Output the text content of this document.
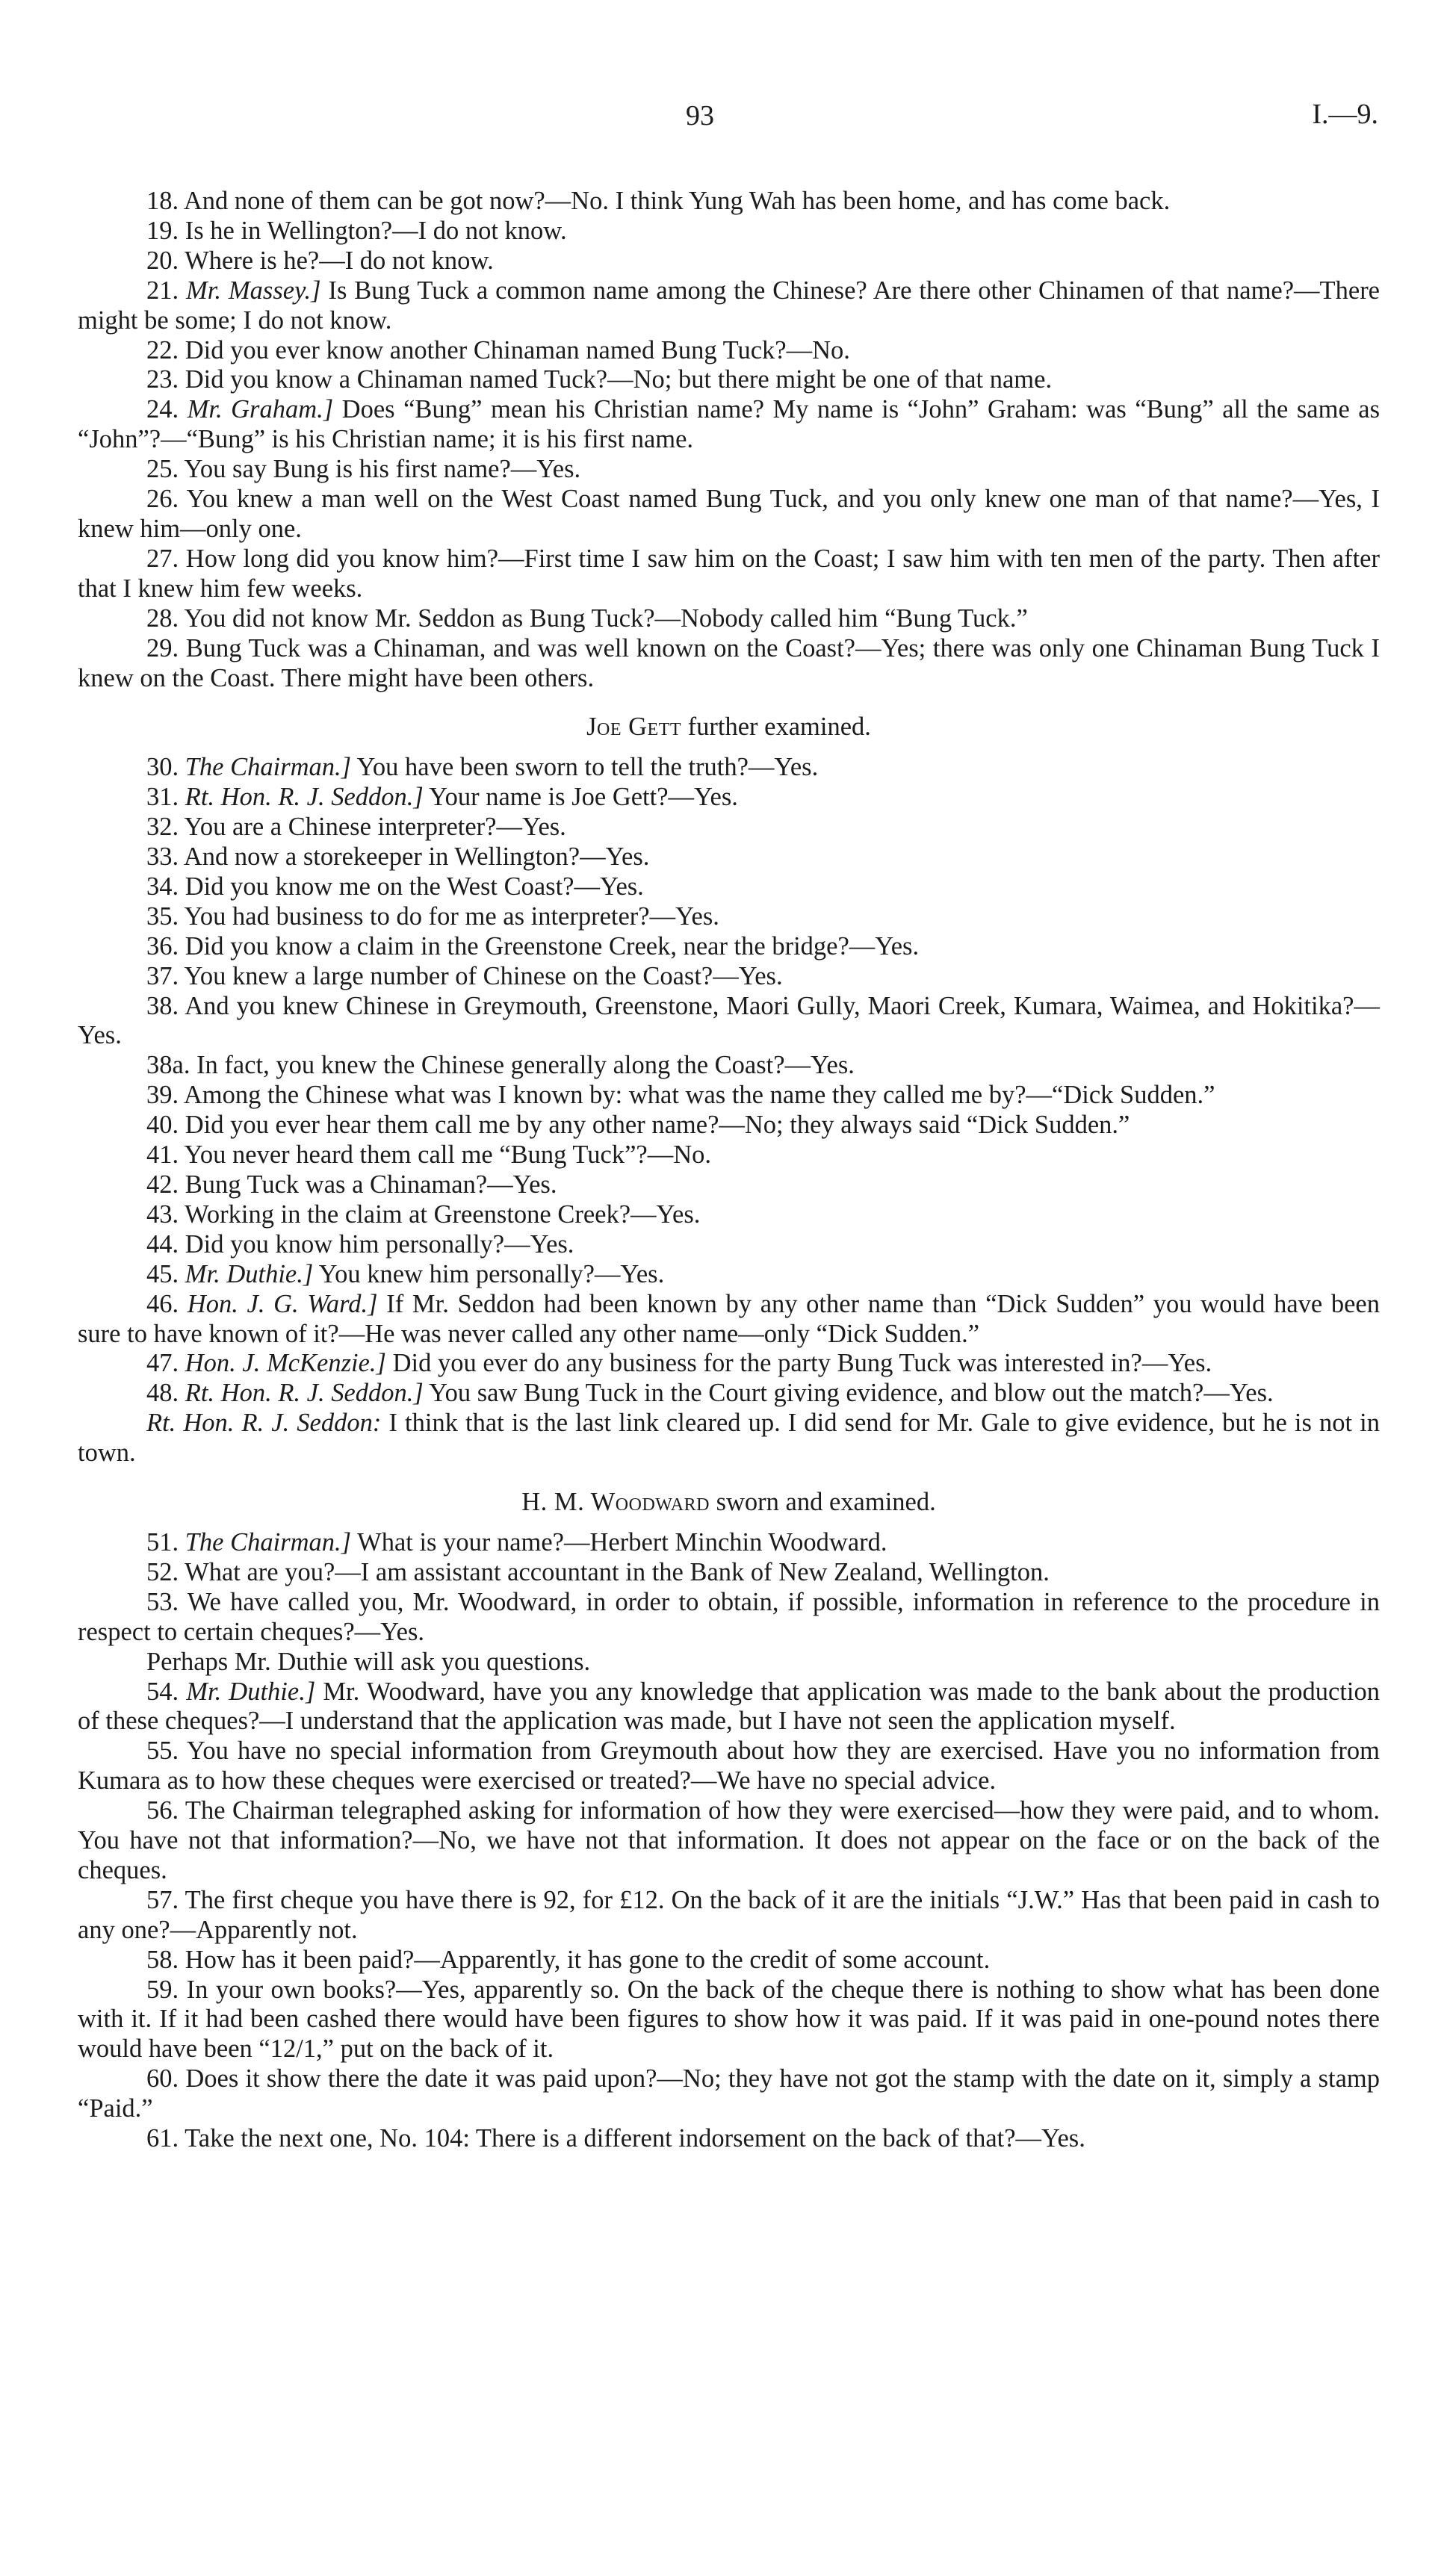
93	I.—9.

18. And none of them can be got now?—No. I think Yung Wah has been home, and has come back.

19. Is he in Wellington?—I do not know.

20. Where is he?—I do not know.

21. Mr. Massey.] Is Bung Tuck a common name among the Chinese? Are there other Chinamen of that name?—There might be some; I do not know.

22. Did you ever know another Chinaman named Bung Tuck?—No.

23. Did you know a Chinaman named Tuck?—No; but there might be one of that name.

24. Mr. Graham.] Does “Bung” mean his Christian name? My name is “John” Graham: was “Bung” all the same as “John”?—“Bung” is his Christian name; it is his first name.

25. You say Bung is his first name?—Yes.

26. You knew a man well on the West Coast named Bung Tuck, and you only knew one man of that name?—Yes, I knew him—only one.

27. How long did you know him?—First time I saw him on the Coast; I saw him with ten men of the party. Then after that I knew him few weeks.

28. You did not know Mr. Seddon as Bung Tuck?—Nobody called him “Bung Tuck.”

29. Bung Tuck was a Chinaman, and was well known on the Coast?—Yes; there was only one Chinaman Bung Tuck I knew on the Coast. There might have been others.

Joe Gett further examined.

30. The Chairman.] You have been sworn to tell the truth?—Yes.

31. Rt. Hon. R. J. Seddon.] Your name is Joe Gett?—Yes.

32. You are a Chinese interpreter?—Yes.

33. And now a storekeeper in Wellington?—Yes.

34. Did you know me on the West Coast?—Yes.

35. You had business to do for me as interpreter?—Yes.

36. Did you know a claim in the Greenstone Creek, near the bridge?—Yes.

37. You knew a large number of Chinese on the Coast?—Yes.

38. And you knew Chinese in Greymouth, Greenstone, Maori Gully, Maori Creek, Kumara, Waimea, and Hokitika?—Yes.

38a. In fact, you knew the Chinese generally along the Coast?—Yes.

39. Among the Chinese what was I known by: what was the name they called me by?—“Dick Sudden.”

40. Did you ever hear them call me by any other name?—No; they always said “Dick Sudden.”

41. You never heard them call me “Bung Tuck”?—No.

42. Bung Tuck was a Chinaman?—Yes.

43. Working in the claim at Greenstone Creek?—Yes.

44. Did you know him personally?—Yes.

45. Mr. Duthie.] You knew him personally?—Yes.

46. Hon. J. G. Ward.] If Mr. Seddon had been known by any other name than “Dick Sudden” you would have been sure to have known of it?—He was never called any other name—only “Dick Sudden.”

47. Hon. J. McKenzie.] Did you ever do any business for the party Bung Tuck was interested in?—Yes.

48. Rt. Hon. R. J. Seddon.] You saw Bung Tuck in the Court giving evidence, and blow out the match?—Yes.

Rt. Hon. R. J. Seddon: I think that is the last link cleared up. I did send for Mr. Gale to give evidence, but he is not in town.

H. M. Woodward sworn and examined.

51. The Chairman.] What is your name?—Herbert Minchin Woodward.

52. What are you?—I am assistant accountant in the Bank of New Zealand, Wellington.

53. We have called you, Mr. Woodward, in order to obtain, if possible, information in reference to the procedure in respect to certain cheques?—Yes.

Perhaps Mr. Duthie will ask you questions.

54. Mr. Duthie.] Mr. Woodward, have you any knowledge that application was made to the bank about the production of these cheques?—I understand that the application was made, but I have not seen the application myself.

55. You have no special information from Greymouth about how they are exercised. Have you no information from Kumara as to how these cheques were exercised or treated?—We have no special advice.

56. The Chairman telegraphed asking for information of how they were exercised—how they were paid, and to whom. You have not that information?—No, we have not that information. It does not appear on the face or on the back of the cheques.

57. The first cheque you have there is 92, for £12. On the back of it are the initials “J.W.” Has that been paid in cash to any one?—Apparently not.

58. How has it been paid?—Apparently, it has gone to the credit of some account.

59. In your own books?—Yes, apparently so. On the back of the cheque there is nothing to show what has been done with it. If it had been cashed there would have been figures to show how it was paid. If it was paid in one-pound notes there would have been “12/1,” put on the back of it.

60. Does it show there the date it was paid upon?—No; they have not got the stamp with the date on it, simply a stamp “Paid.”

61. Take the next one, No. 104: There is a different indorsement on the back of that?—Yes.
